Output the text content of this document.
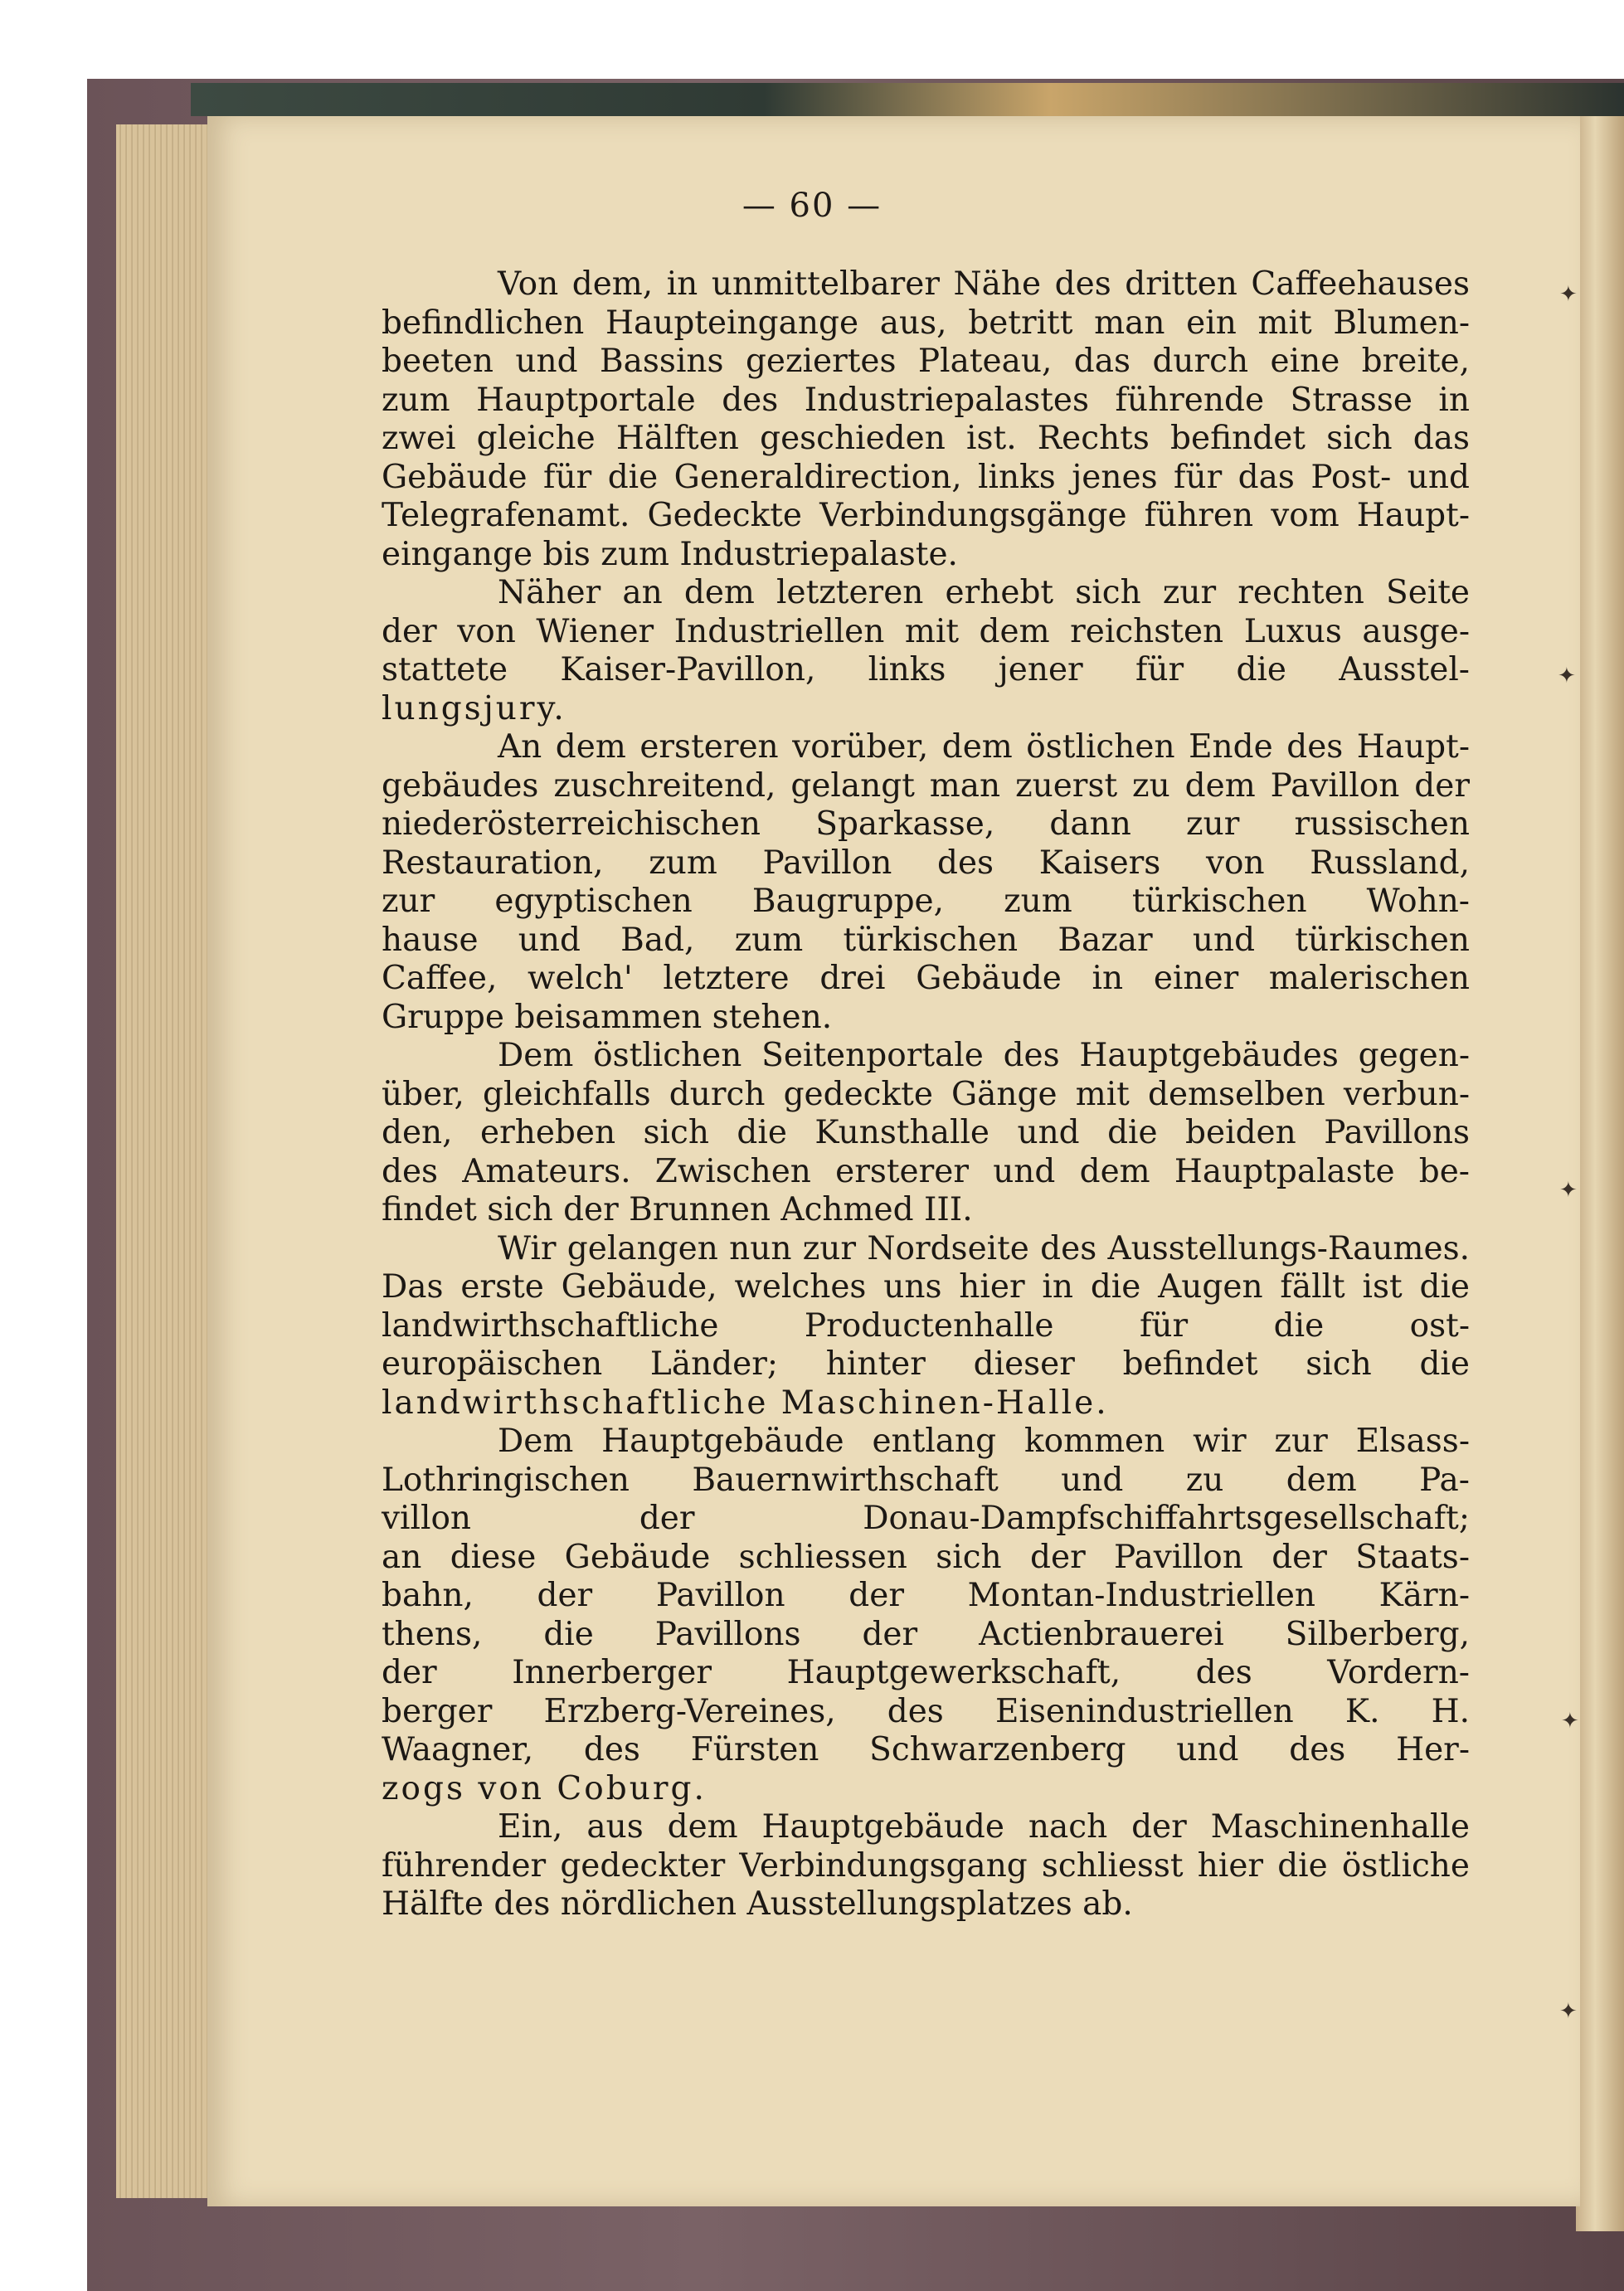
— 60 —
✦
✦
✦
✦
✦
Von dem, in unmittelbarer Nähe des dritten Caffeehauses
befindlichen Haupteingange aus, betritt man ein mit Blumen-
beeten und Bassins geziertes Plateau, das durch eine breite,
zum Hauptportale des Industriepalastes führende Strasse in
zwei gleiche Hälften geschieden ist. Rechts befindet sich das
Gebäude für die Generaldirection, links jenes für das Post- und
Telegrafenamt. Gedeckte Verbindungsgänge führen vom Haupt-
eingange bis zum Industriepalaste.
Näher an dem letzteren erhebt sich zur rechten Seite
der von Wiener Industriellen mit dem reichsten Luxus ausge-
stattete Kaiser-Pavillon, links jener für die Ausstel-
lungsjury.
An dem ersteren vorüber, dem östlichen Ende des Haupt-
gebäudes zuschreitend, gelangt man zuerst zu dem Pavillon der
niederösterreichischen Sparkasse, dann zur russischen
Restauration, zum Pavillon des Kaisers von Russland,
zur egyptischen Baugruppe, zum türkischen Wohn-
hause und Bad, zum türkischen Bazar und türkischen
Caffee, welch' letztere drei Gebäude in einer malerischen
Gruppe beisammen stehen.
Dem östlichen Seitenportale des Hauptgebäudes gegen-
über, gleichfalls durch gedeckte Gänge mit demselben verbun-
den, erheben sich die Kunsthalle und die beiden Pavillons
des Amateurs. Zwischen ersterer und dem Hauptpalaste be-
findet sich der Brunnen Achmed III.
Wir gelangen nun zur Nordseite des Ausstellungs-Raumes.
Das erste Gebäude, welches uns hier in die Augen fällt ist die
landwirthschaftliche Productenhalle für die ost-
europäischen Länder; hinter dieser befindet sich die
landwirthschaftliche Maschinen-Halle.
Dem Hauptgebäude entlang kommen wir zur Elsass-
Lothringischen Bauernwirthschaft und zu dem Pa-
villon der Donau-Dampfschiffahrtsgesellschaft;
an diese Gebäude schliessen sich der Pavillon der Staats-
bahn, der Pavillon der Montan-Industriellen Kärn-
thens, die Pavillons der Actienbrauerei Silberberg,
der Innerberger Hauptgewerkschaft, des Vordern-
berger Erzberg-Vereines, des Eisenindustriellen K. H.
Waagner, des Fürsten Schwarzenberg und des Her-
zogs von Coburg.
Ein, aus dem Hauptgebäude nach der Maschinenhalle
führender gedeckter Verbindungsgang schliesst hier die östliche
Hälfte des nördlichen Ausstellungsplatzes ab.
